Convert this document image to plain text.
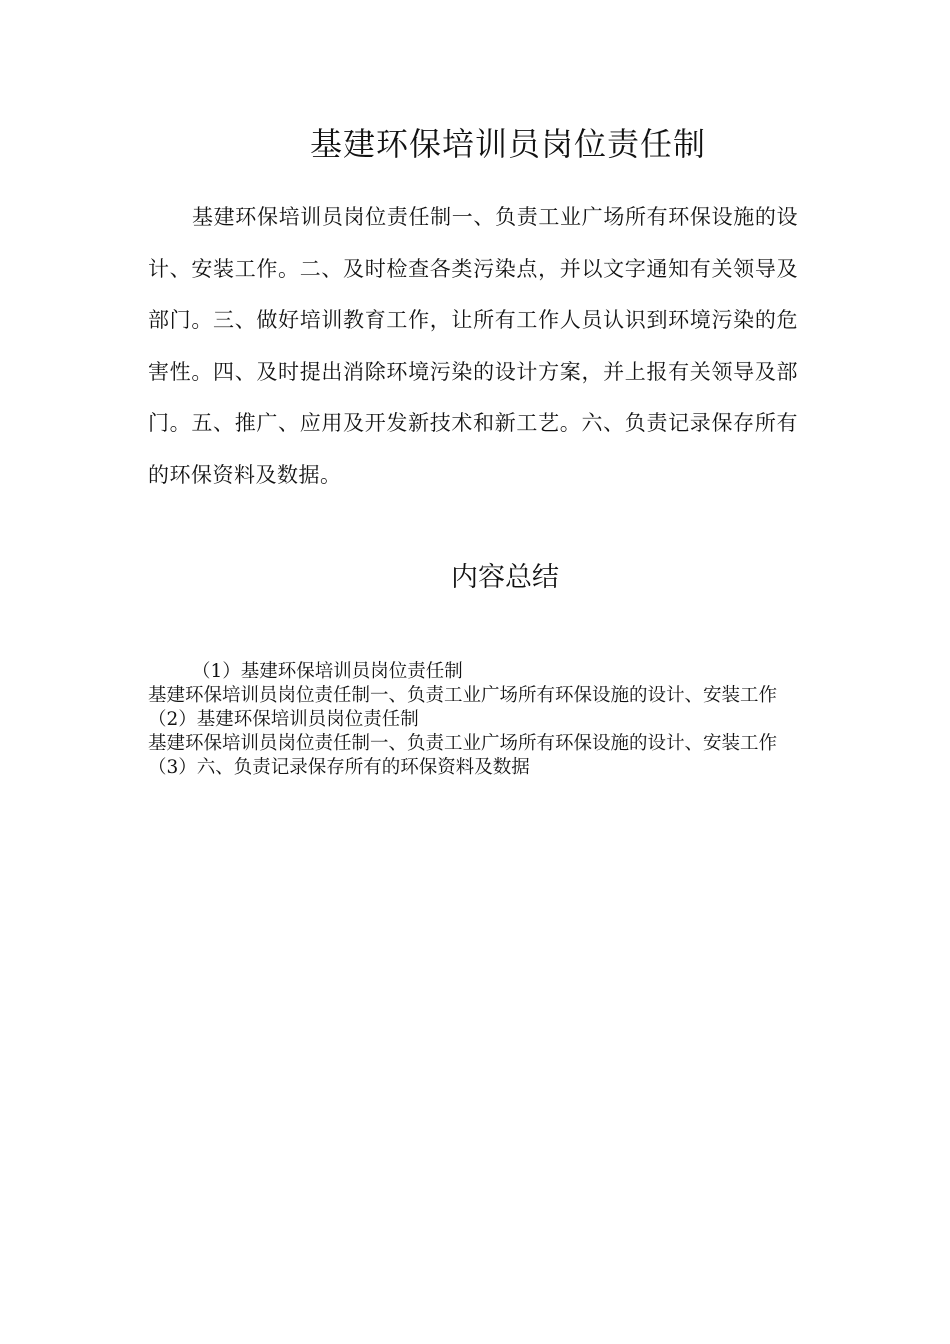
基建环保培训员岗位责任制
基建环保培训员岗位责任制一、负责工业广场所有环保设施的设计、安装工作。二、及时检查各类污染点，并以文字通知有关领导及部门。三、做好培训教育工作，让所有工作人员认识到环境污染的危害性。四、及时提出消除环境污染的设计方案，并上报有关领导及部门。五、推广、应用及开发新技术和新工艺。六、负责记录保存所有的环保资料及数据。
内容总结

（1）基建环保培训员岗位责任制

基建环保培训员岗位责任制一、负责工业广场所有环保设施的设计、安装工作

（2）基建环保培训员岗位责任制

基建环保培训员岗位责任制一、负责工业广场所有环保设施的设计、安装工作

（3）六、负责记录保存所有的环保资料及数据
